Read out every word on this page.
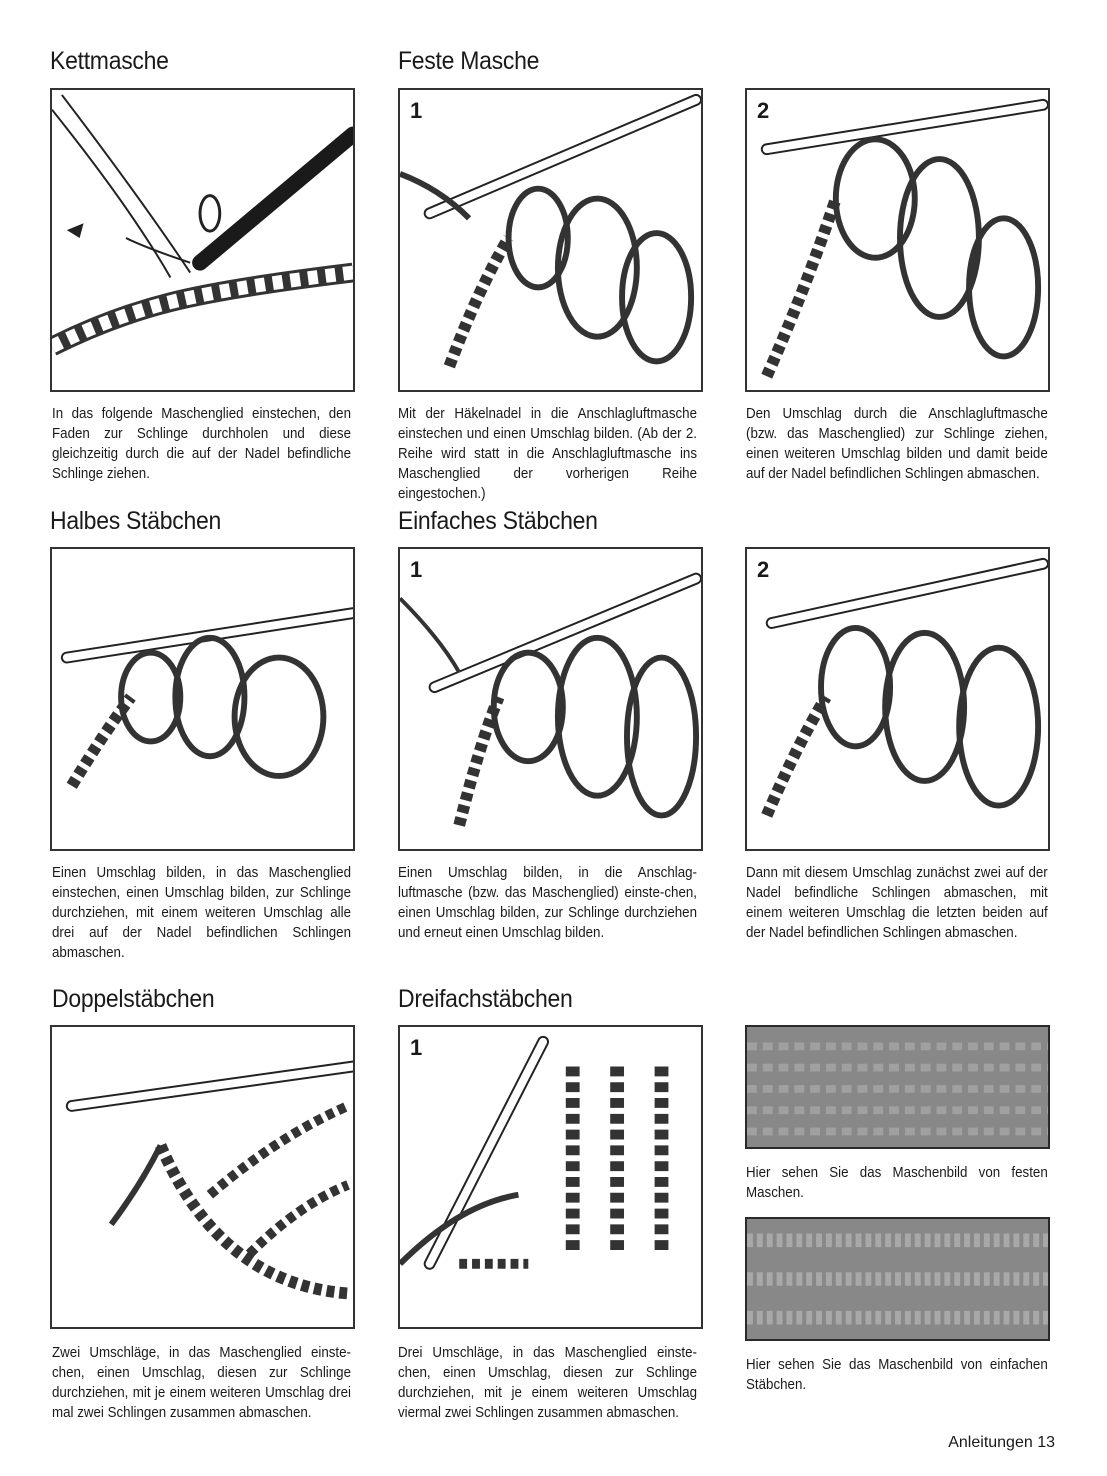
Kettmasche	Feste Masche
Halbes Stäbchen	Einfaches Stäbchen
Doppelstäbchen	Dreifachstäbchen
1	2
In das folgende Maschenglied einstechen, den Faden zur Schlinge durchholen und diese gleichzeitig durch die auf der Nadel befindliche Schlinge ziehen.
Mit der Häkelnadel in die Anschlagluftmasche einstechen und einen Umschlag bilden. (Ab der 2. Reihe wird statt in die Anschlagluftmasche ins Maschenglied der vorherigen Reihe eingestochen.)
Den Umschlag durch die Anschlagluftmasche (bzw. das Maschenglied) zur Schlinge ziehen, einen weiteren Umschlag bilden und damit beide auf der Nadel befindlichen Schlingen abmaschen.
1	2
Einen Umschlag bilden, in das Maschenglied einstechen, einen Umschlag bilden, zur Schlinge durchziehen, mit einem weiteren Umschlag alle drei auf der Nadel befindlichen Schlingen abmaschen.
Einen Umschlag bilden, in die Anschlag-luftmasche (bzw. das Maschenglied) einste-chen, einen Umschlag bilden, zur Schlinge durchziehen und erneut einen Umschlag bilden.
Dann mit diesem Umschlag zunächst zwei auf der Nadel befindliche Schlingen abmaschen, mit einem weiteren Umschlag die letzten beiden auf der Nadel befindlichen Schlingen abmaschen.
1
Zwei Umschläge, in das Maschenglied einste-chen, einen Umschlag, diesen zur Schlinge durchziehen, mit je einem weiteren Umschlag drei mal zwei Schlingen zusammen abmaschen.
Drei Umschläge, in das Maschenglied einste-chen, einen Umschlag, diesen zur Schlinge durchziehen, mit je einem weiteren Umschlag viermal zwei Schlingen zusammen abmaschen.
Hier sehen Sie das Maschenbild von festen Maschen.
Hier sehen Sie das Maschenbild von einfachen Stäbchen.
Anleitungen 13
